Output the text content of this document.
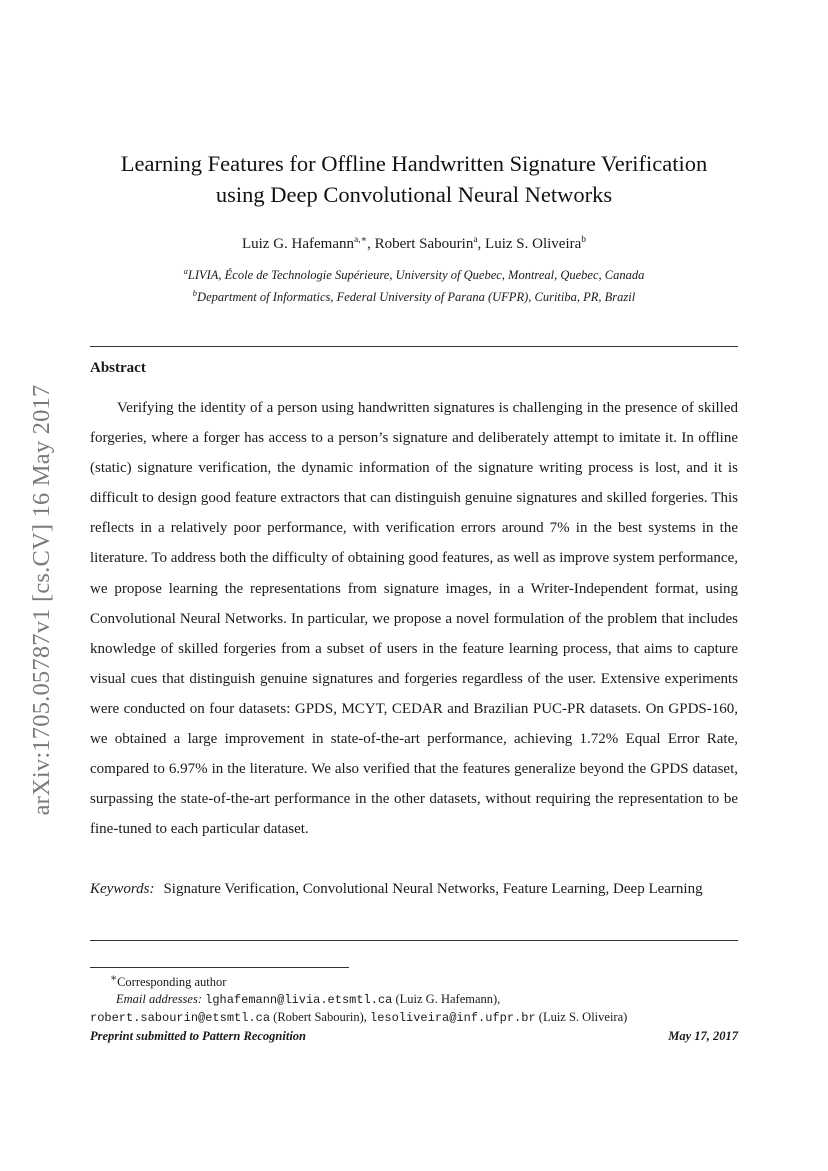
arXiv:1705.05787v1 [cs.CV] 16 May 2017
Learning Features for Offline Handwritten Signature Verification
using Deep Convolutional Neural Networks
Luiz G. Hafemann$^{a,∗}$, Robert Sabourin$^a$, Luiz S. Oliveira$^b$
$^a$LIVIA, École de Technologie Supérieure, University of Quebec, Montreal, Quebec, Canada
$^b$Department of Informatics, Federal University of Parana (UFPR), Curitiba, PR, Brazil
Abstract

Verifying the identity of a person using handwritten signatures is challenging in the presence of skilled forgeries, where a forger has access to a person’s signature and deliberately attempt to imitate it. In offline (static) signature verification, the dynamic information of the signature writing process is lost, and it is difficult to design good feature extractors that can distinguish genuine signatures and skilled forgeries. This reflects in a relatively poor performance, with verification errors around 7% in the best systems in the literature. To address both the difficulty of obtaining good features, as well as improve system performance, we propose learning the representations from signature images, in a Writer-Independent format, using Convolutional Neural Networks. In particular, we propose a novel formulation of the problem that includes knowledge of skilled forgeries from a subset of users in the feature learning process, that aims to capture visual cues that distinguish genuine signatures and forgeries regardless of the user. Extensive experiments were conducted on four datasets: GPDS, MCYT, CEDAR and Brazilian PUC-PR datasets. On GPDS-160, we obtained a large improvement in state-of-the-art performance, achieving 1.72% Equal Error Rate, compared to 6.97% in the literature. We also verified that the features generalize beyond the GPDS dataset, surpassing the state-of-the-art performance in the other datasets, without requiring the representation to be fine-tuned to each particular dataset.

Keywords: Signature Verification, Convolutional Neural Networks, Feature Learning, Deep Learning

∗Corresponding author
Email addresses: lghafemann@livia.etsmtl.ca (Luiz G. Hafemann),
robert.sabourin@etsmtl.ca (Robert Sabourin), lesoliveira@inf.ufpr.br (Luiz S. Oliveira)
Preprint submitted to Pattern Recognition	May 17, 2017
